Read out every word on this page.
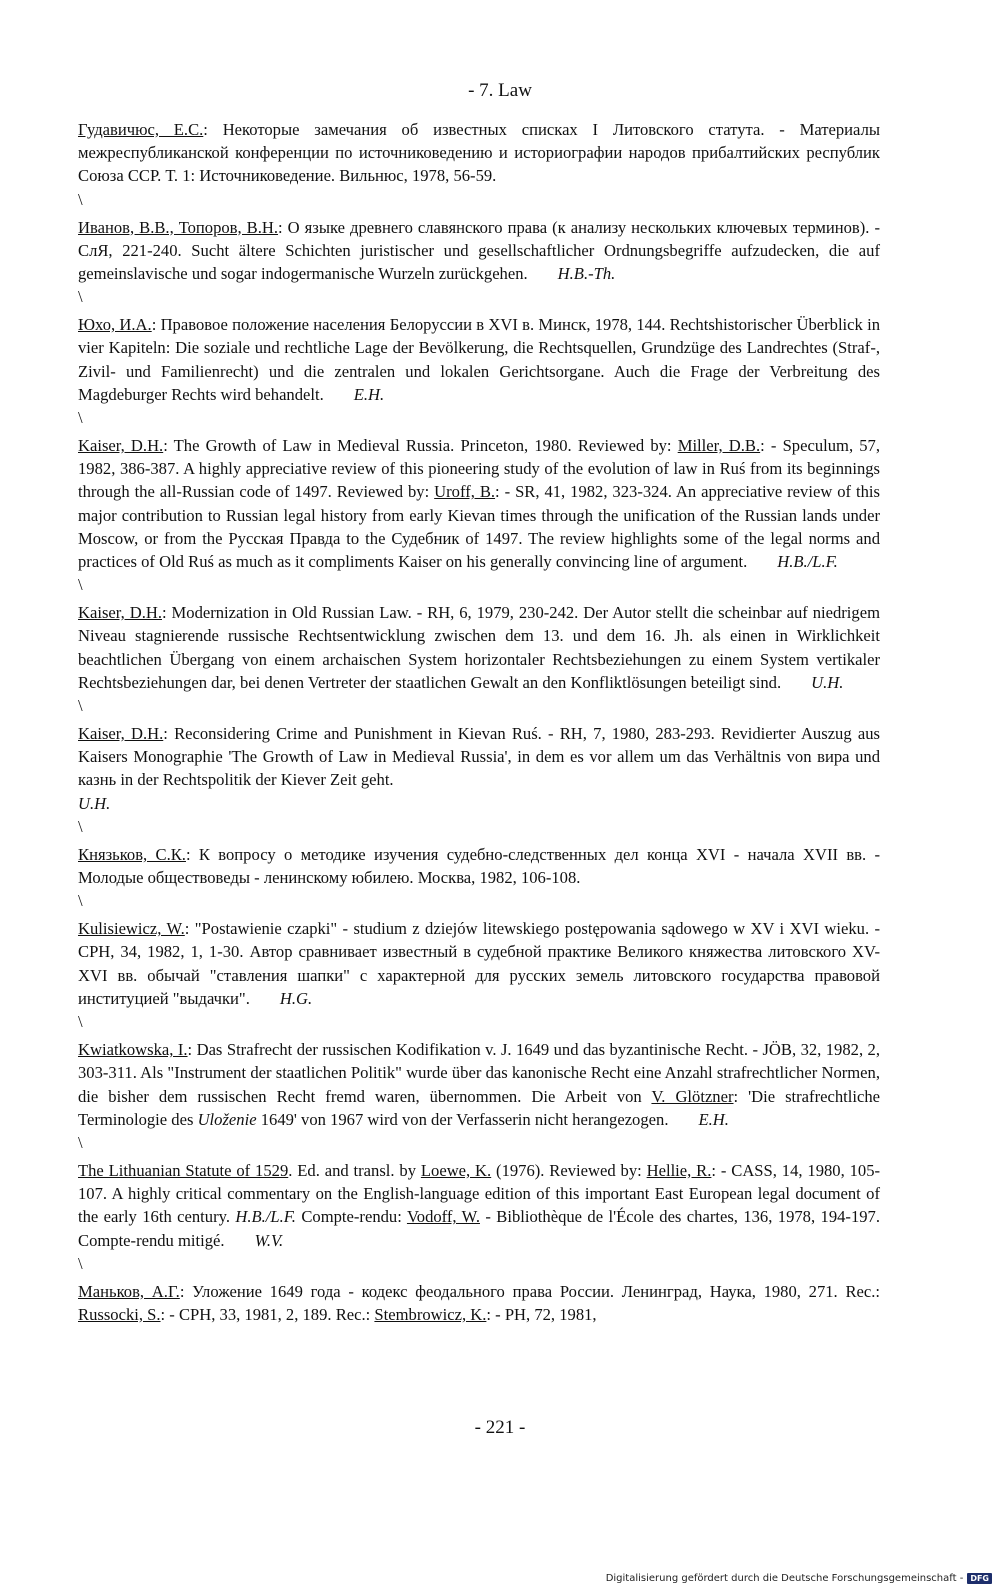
- 7. Law

Гудавичюс, Е.С.: Некоторые замечания об известных списках I Литовского статута. - Материалы межреспубликанской конференции по источниковедению и историографии народов прибалтийских республик Союза ССР. Т. 1: Источниковедение. Вильнюс, 1978, 56-59.

\

Иванов, В.В., Топоров, В.Н.: О языке древнего славянского права (к анализу нескольких ключевых терминов). - СлЯ, 221-240. Sucht ältere Schichten juristischer und gesellschaftlicher Ordnungsbegriffe aufzudecken, die auf gemeinslavische und sogar indogermanische Wurzeln zurückgehen. H.B.-Th.

\

Юхо, И.А.: Правовое положение населения Белоруссии в XVI в. Минск, 1978, 144. Rechtshistorischer Überblick in vier Kapiteln: Die soziale und rechtliche Lage der Bevölkerung, die Rechtsquellen, Grundzüge des Landrechtes (Straf-, Zivil- und Familienrecht) und die zentralen und lokalen Gerichtsorgane. Auch die Frage der Verbreitung des Magdeburger Rechts wird behandelt. E.H.

\

Kaiser, D.H.: The Growth of Law in Medieval Russia. Princeton, 1980. Reviewed by: Miller, D.B.: - Speculum, 57, 1982, 386-387. A highly appreciative review of this pioneering study of the evolution of law in Ruś from its beginnings through the all-Russian code of 1497. Reviewed by: Uroff, B.: - SR, 41, 1982, 323-324. An appreciative review of this major contribution to Russian legal history from early Kievan times through the unification of the Russian lands under Moscow, or from the Русская Правда to the Судебник of 1497. The review highlights some of the legal norms and practices of Old Ruś as much as it compliments Kaiser on his generally convincing line of argument. H.B./L.F.

\

Kaiser, D.H.: Modernization in Old Russian Law. - RH, 6, 1979, 230-242. Der Autor stellt die scheinbar auf niedrigem Niveau stagnierende russische Rechtsentwicklung zwischen dem 13. und dem 16. Jh. als einen in Wirklichkeit beachtlichen Übergang von einem archaischen System horizontaler Rechtsbeziehungen zu einem System vertikaler Rechtsbeziehungen dar, bei denen Vertreter der staatlichen Gewalt an den Konfliktlösungen beteiligt sind. U.H.

\

Kaiser, D.H.: Reconsidering Crime and Punishment in Kievan Ruś. - RH, 7, 1980, 283-293. Revidierter Auszug aus Kaisers Monographie 'The Growth of Law in Medieval Russia', in dem es vor allem um das Verhältnis von вира und казнь in der Rechtspolitik der Kiever Zeit geht.
U.H.

\

Князьков, С.К.: К вопросу о методике изучения судебно-следственных дел конца XVI - начала XVII вв. - Молодые обществоведы - ленинскому юбилею. Москва, 1982, 106-108.

\

Kulisiewicz, W.: "Postawienie czapki" - studium z dziejów litewskiego postępowania sądowego w XV i XVI wieku. - CPH, 34, 1982, 1, 1-30. Автор сравнивает известный в судебной практике Великого княжества литовского XV-XVI вв. обычай "ставления шапки" с характерной для русских земель литовского государства правовой институцией "выдачки". H.G.

\

Kwiatkowska, I.: Das Strafrecht der russischen Kodifikation v. J. 1649 und das byzantinische Recht. - JÖB, 32, 1982, 2, 303-311. Als "Instrument der staatlichen Politik" wurde über das kanonische Recht eine Anzahl strafrechtlicher Normen, die bisher dem russischen Recht fremd waren, übernommen. Die Arbeit von V. Glötzner: 'Die strafrechtliche Terminologie des Uloženie 1649' von 1967 wird von der Verfasserin nicht herangezogen. E.H.

\

The Lithuanian Statute of 1529. Ed. and transl. by Loewe, K. (1976). Reviewed by: Hellie, R.: - CASS, 14, 1980, 105-107. A highly critical commentary on the English-language edition of this important East European legal document of the early 16th century. H.B./L.F. Compte-rendu: Vodoff, W. - Bibliothèque de l'École des chartes, 136, 1978, 194-197. Compte-rendu mitigé. W.V.

\

Маньков, А.Г.: Уложение 1649 года - кодекс феодального права России. Ленинград, Наука, 1980, 271. Rec.: Russocki, S.: - CPH, 33, 1981, 2, 189. Rec.: Stembrowicz, K.: - PH, 72, 1981,

- 221 -
Digitalisierung gefördert durch die Deutsche Forschungsgemeinschaft - DFG
